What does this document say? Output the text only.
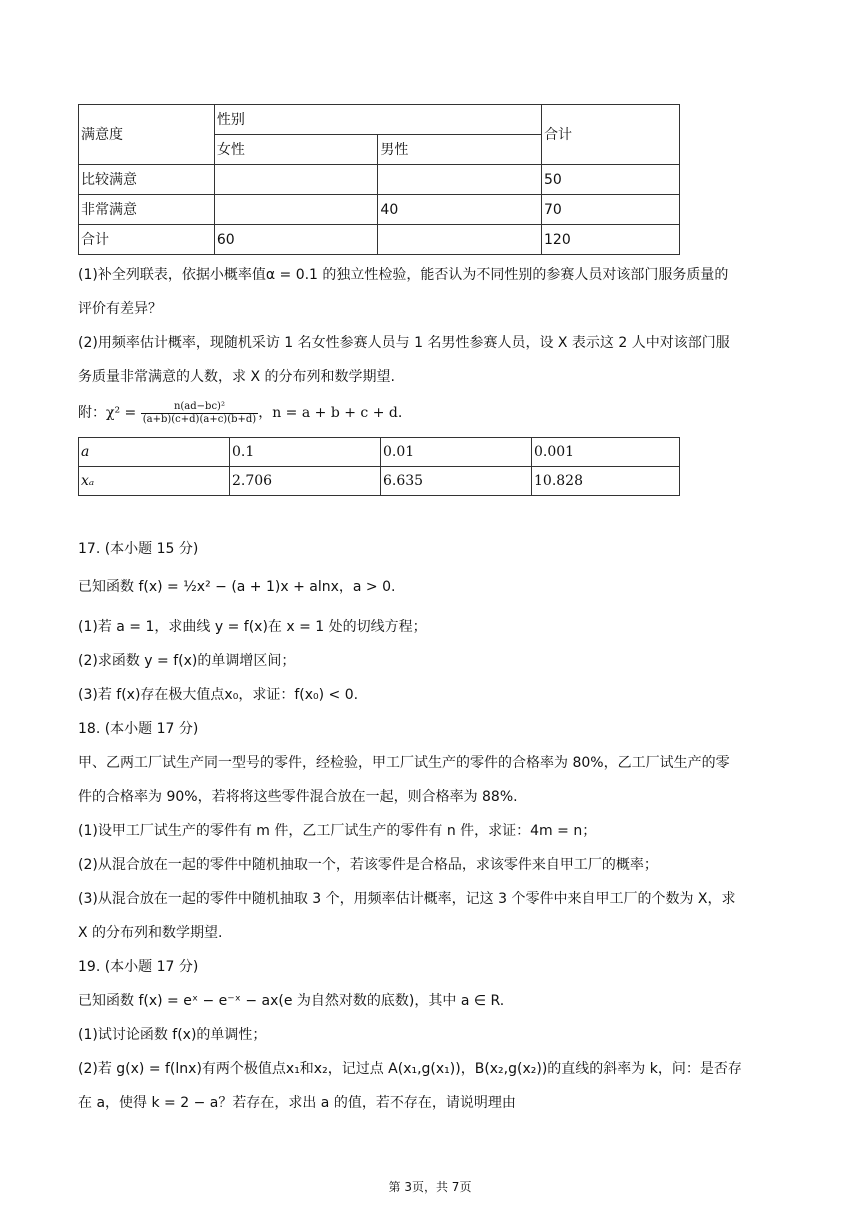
满意度	性别		合计
	女性	男性	
比较满意			50
非常满意		40	70
合计	60		120
(1)补全列联表，依据小概率值α = 0.1 的独立性检验，能否认为不同性别的参赛人员对该部门服务质量的
评价有差异？
(2)用频率估计概率，现随机采访 1 名女性参赛人员与 1 名男性参赛人员，设 X 表示这 2 人中对该部门服
务质量非常满意的人数，求 X 的分布列和数学期望.
附：$\chi^2 = \frac{\text{n(ad−bc)²}}{(a+b)(c+d)(a+c)(b+d)}$ ，n = a + b + c + d.
a	0.1	0.01	0.001
xₐ	2.706	6.635	10.828
17. (本小题 15 分)
已知函数 f(x) = ½x² − (a + 1)x + alnx，a > 0.
(1)若 a = 1，求曲线 y = f(x)在 x = 1 处的切线方程；
(2)求函数 y = f(x)的单调增区间；
(3)若 f(x)存在极大值点x₀，求证：f(x₀) < 0.
18. (本小题 17 分)
甲、乙两工厂试生产同一型号的零件，经检验，甲工厂试生产的零件的合格率为 80%，乙工厂试生产的零
件的合格率为 90%，若将将这些零件混合放在一起，则合格率为 88%.
(1)设甲工厂试生产的零件有 m 件，乙工厂试生产的零件有 n 件，求证：4m = n；
(2)从混合放在一起的零件中随机抽取一个，若该零件是合格品，求该零件来自甲工厂的概率；
(3)从混合放在一起的零件中随机抽取 3 个，用频率估计概率，记这 3 个零件中来自甲工厂的个数为 X，求
X 的分布列和数学期望.
19. (本小题 17 分)
已知函数 f(x) = eˣ − e⁻ˣ − ax(e 为自然对数的底数)，其中 a ∈ R.
(1)试讨论函数 f(x)的单调性；
(2)若 g(x) = f(lnx)有两个极值点x₁和x₂，记过点 A(x₁,g(x₁))，B(x₂,g(x₂))的直线的斜率为 k，问：是否存
在 a，使得 k = 2 − a？若存在，求出 a 的值，若不存在，请说明理由
第 3页，共 7页
